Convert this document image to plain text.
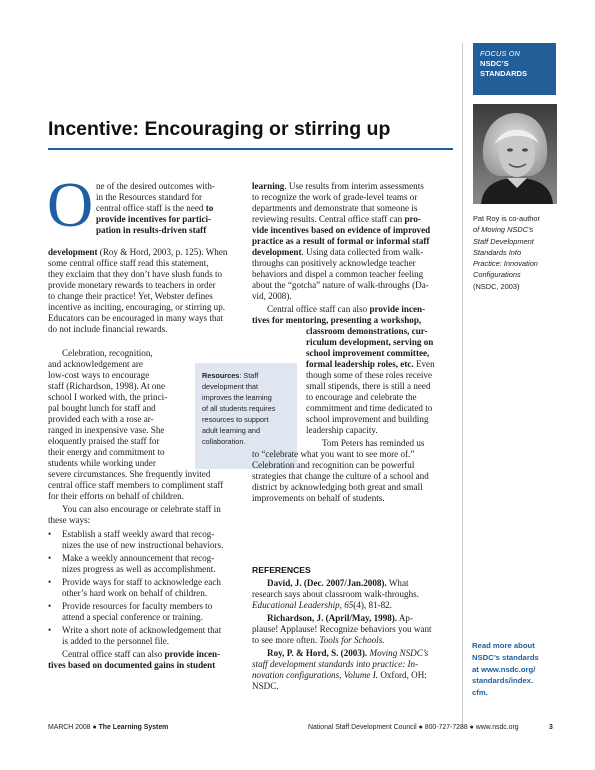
FOCUS ON
NSDC’S
STANDARDS
Incentive: Encouraging or stirring up
Pat Roy is co-author
of Moving NSDC’s
Staff Development
Standards Into
Practice: Innovation
Configurations
(NSDC, 2003)
Read more about
NSDC’s standards
at www.nsdc.org/
standards/index.
cfm.
O ne of the desired outcomes with-
in the Resources standard for
central office staff is the need to
provide incentives for partici-
pation in results-driven staff
development (Roy & Hord, 2003, p. 125). When
some central office staff read this statement,
they exclaim that they don’t have slush funds to
provide monetary rewards to teachers in order
to change their practice! Yet, Webster defines
incentive as inciting, encouraging, or stirring up.
Educators can be encouraged in many ways that
do not include financial rewards.
Celebration, recognition,
and acknowledgement are
low-cost ways to encourage
staff (Richardson, 1998). At one
school I worked with, the princi-
pal bought lunch for staff and
provided each with a rose ar-
ranged in inexpensive vase. She
eloquently praised the staff for
their energy and commitment to
students while working under
severe circumstances. She frequently invited
central office staff members to compliment staff
for their efforts on behalf of children.
You can also encourage or celebrate staff in
these ways:
• Establish a staff weekly award that recog-
nizes the use of new instructional behaviors.
• Make a weekly announcement that recog-
nizes progress as well as accomplishment.
• Provide ways for staff to acknowledge each
other’s hard work on behalf of children.
• Provide resources for faculty members to
attend a special conference or training.
• Write a short note of acknowledgement that
is added to the personnel file.
Central office staff can also provide incen-
tives based on documented gains in student
Resources: Staff
development that
improves the learning
of all students requires
resources to support
adult learning and
collaboration.
learning. Use results from interim assessments
to recognize the work of grade-level teams or
departments and demonstrate that someone is
reviewing results. Central office staff can pro-
vide incentives based on evidence of improved
practice as a result of formal or informal staff
development. Using data collected from walk-
throughs can positively acknowledge teacher
behaviors and dispel a common teacher feeling
about the “gotcha” nature of walk-throughs (Da-
vid, 2008).
Central office staff can also provide incen-
tives for mentoring, presenting a workshop,
classroom demonstrations, cur-
riculum development, serving on
school improvement committee,
formal leadership roles, etc. Even
though some of these roles receive
small stipends, there is still a need
to encourage and celebrate the
commitment and time dedicated to
school improvement and building
leadership capacity.
Tom Peters has reminded us
to “celebrate what you want to see more of.”
Celebration and recognition can be powerful
strategies that change the culture of a school and
district by acknowledging both great and small
improvements on behalf of students.
REFERENCES
David, J. (Dec. 2007/Jan.2008). What
research says about classroom walk-throughs.
Educational Leadership, 65(4), 81-82.
Richardson, J. (April/May, 1998). Ap-
plause! Applause! Recognize behaviors you want
to see more often. Tools for Schools.
Roy, P. & Hord, S. (2003). Moving NSDC’s
staff development standards into practice: In-
novation configurations, Volume I. Oxford, OH:
NSDC.
MARCH 2008 ● The Learning System	National Staff Development Council ● 800-727-7288 ● www.nsdc.org	3
